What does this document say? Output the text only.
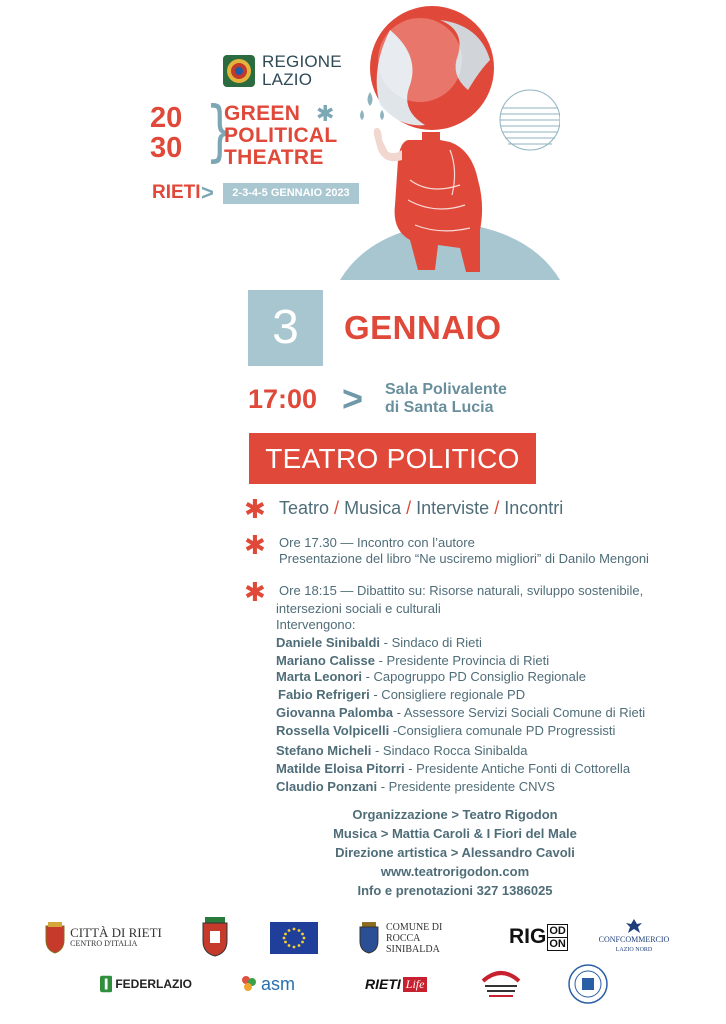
REGIONE
LAZIO
20
30 }
GREEN ✱
POLITICAL
THEATRE
RIETI >	2-3-4-5 GENNAIO 2023
3	GENNAIO
17:00 > Sala Polivalente
di Santa Lucia
TEATRO POLITICO
✱ Teatro / Musica / Interviste / Incontri
✱ Ore 17.30 — Incontro con l’autore
Presentazione del libro “Ne usciremo migliori” di Danilo Mengoni
✱ Ore 18:15 — Dibattito su: Risorse naturali, sviluppo sostenibile,
intersezioni sociali e culturali
Intervengono:
Daniele Sinibaldi - Sindaco di Rieti
Mariano Calisse - Presidente Provincia di Rieti
Marta Leonori - Capogruppo PD Consiglio Regionale
Fabio Refrigeri - Consigliere regionale PD
Giovanna Palomba - Assessore Servizi Sociali Comune di Rieti
Rossella Volpicelli -Consigliera comunale PD Progressisti
Stefano Micheli - Sindaco Rocca Sinibalda
Matilde Eloisa Pitorri - Presidente Antiche Fonti di Cottorella
Claudio Ponzani - Presidente presidente CNVS
Organizzazione > Teatro Rigodon
Musica > Mattia Caroli & I Fiori del Male
Direzione artistica > Alessandro Cavoli
www.teatrorigodon.com
Info e prenotazioni 327 1386025
CITTÀ DI RIETI
CENTRO D'ITALIA
COMUNE DI
ROCCA SINIBALDA
RIG OD
ON	CONFCOMMERCIO
LAZIO NORD
FEDERLAZIO	asm	RIETI Life
